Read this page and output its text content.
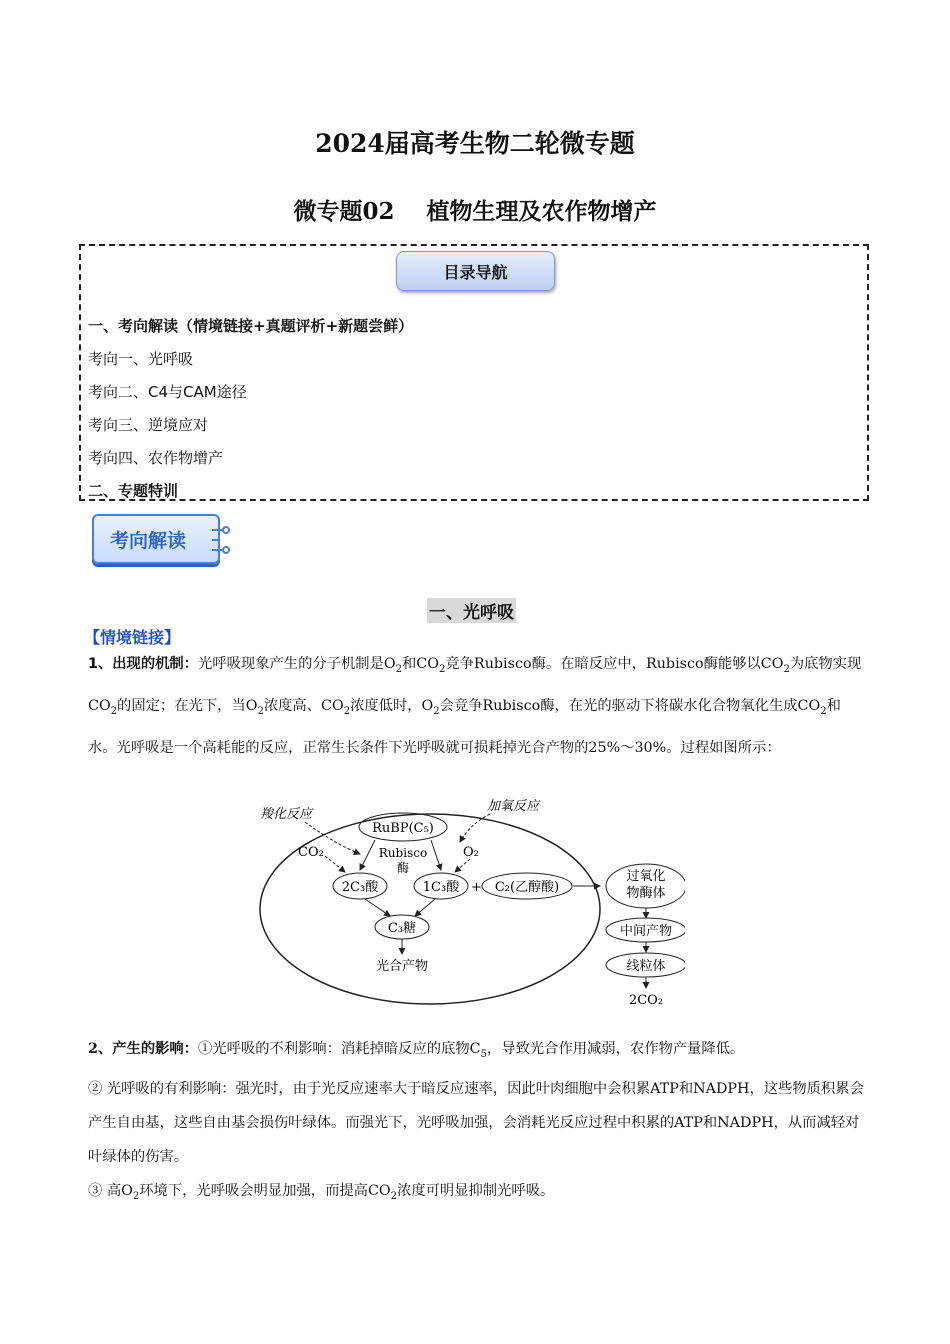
2024届高考生物二轮微专题
微专题02    植物生理及农作物增产
目录导航
一、考向解读（情境链接+真题评析+新题尝鲜）
考向一、光呼吸
考向二、C4与CAM途径
考向三、逆境应对
考向四、农作物增产
二、专题特训
考向解读
一、光呼吸
【情境链接】
1、出现的机制：光呼吸现象产生的分子机制是$O_2$和$CO_2$竞争Rubisco酶。在暗反应中，Rubisco酶能够以$CO_2$为底物实现$CO_2$的固定；在光下，当$O_2$浓度高、$CO_2$浓度低时，$O_2$会竞争Rubisco酶，在光的驱动下将碳水化合物氧化生成$CO_2$和水。光呼吸是一个高耗能的反应，正常生长条件下光呼吸就可损耗掉光合产物的25%～30%。过程如图所示：
羧化反应
加氧反应
RuBP(C₅)
CO₂	O₂
Rubisco
酶
2C₃酸	1C₃酸 + C₂(乙醇酸)
C₃糖
光合产物
过氧化
物酶体
中间产物
线粒体
2CO₂
2、产生的影响：①光呼吸的不利影响：消耗掉暗反应的底物$C_5$，导致光合作用减弱，农作物产量降低。
② 光呼吸的有利影响：强光时，由于光反应速率大于暗反应速率，因此叶肉细胞中会积累ATP和NADPH，这些物质积累会产生自由基，这些自由基会损伤叶绿体。而强光下，光呼吸加强，会消耗光反应过程中积累的ATP和NADPH，从而减轻对叶绿体的伤害。
③ 高$O_2$环境下，光呼吸会明显加强，而提高$CO_2$浓度可明显抑制光呼吸。
